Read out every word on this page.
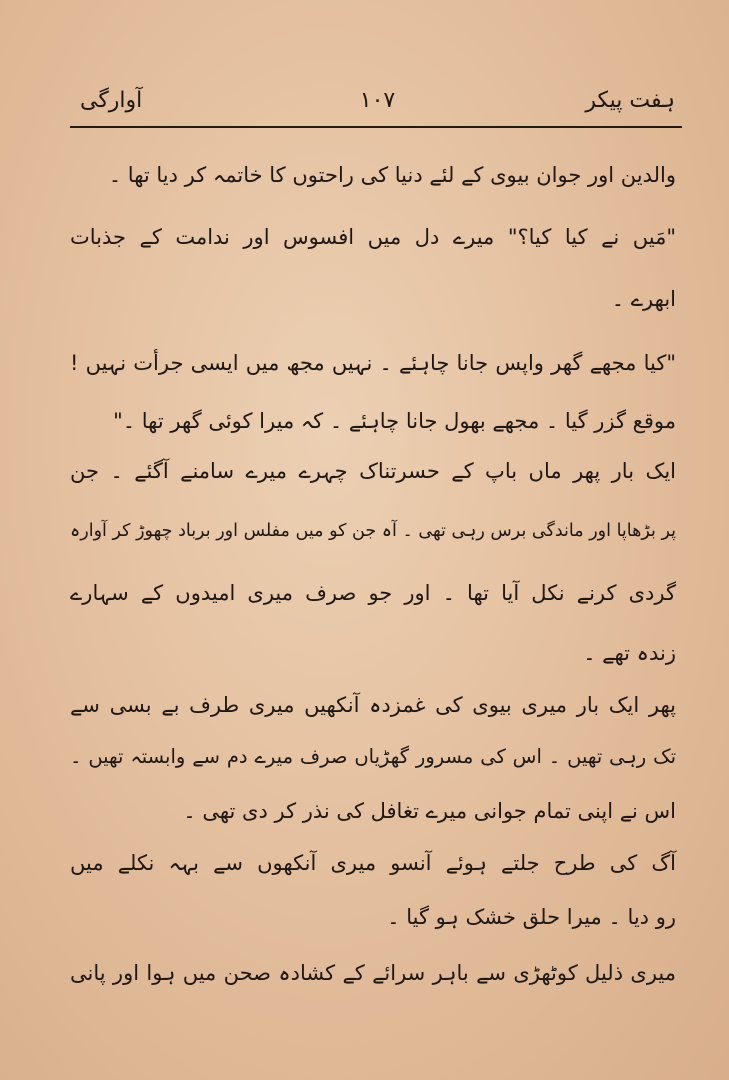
آوارگی	۱۰۷	ہفت پیکر
والدین اور جوان بیوی کے لئے دنیا کی راحتوں کا خاتمہ کر دیا تھا ۔
"مَیں نے کیا کیا؟" میرے دل میں افسوس اور ندامت کے جذبات
ابھرے ۔
"کیا مجھے گھر واپس جانا چاہئے ۔ نہیں مجھ میں ایسی جرأت نہیں !
موقع گزر گیا ۔ مجھے بھول جانا چاہئے ۔ کہ میرا کوئی گھر تھا ۔"
ایک بار پھر ماں باپ کے حسرتناک چہرے میرے سامنے آگئے ۔ جن
پر بڑھاپا اور ماندگی برس رہی تھی ۔ آہ جن کو میں مفلس اور برباد چھوڑ کر آوارہ
گردی کرنے نکل آیا تھا ۔ اور جو صرف میری امیدوں کے سہارے
زندہ تھے ۔
پھر ایک بار میری بیوی کی غمزدہ آنکھیں میری طرف بے بسی سے
تک رہی تھیں ۔ اس کی مسرور گھڑیاں صرف میرے دم سے وابستہ تھیں ۔
اس نے اپنی تمام جوانی میرے تغافل کی نذر کر دی تھی ۔
آگ کی طرح جلتے ہوئے آنسو میری آنکھوں سے بہہ نکلے میں
رو دیا ۔ میرا حلق خشک ہو گیا ۔
میری ذلیل کوٹھڑی سے باہر سرائے کے کشادہ صحن میں ہوا اور پانی
